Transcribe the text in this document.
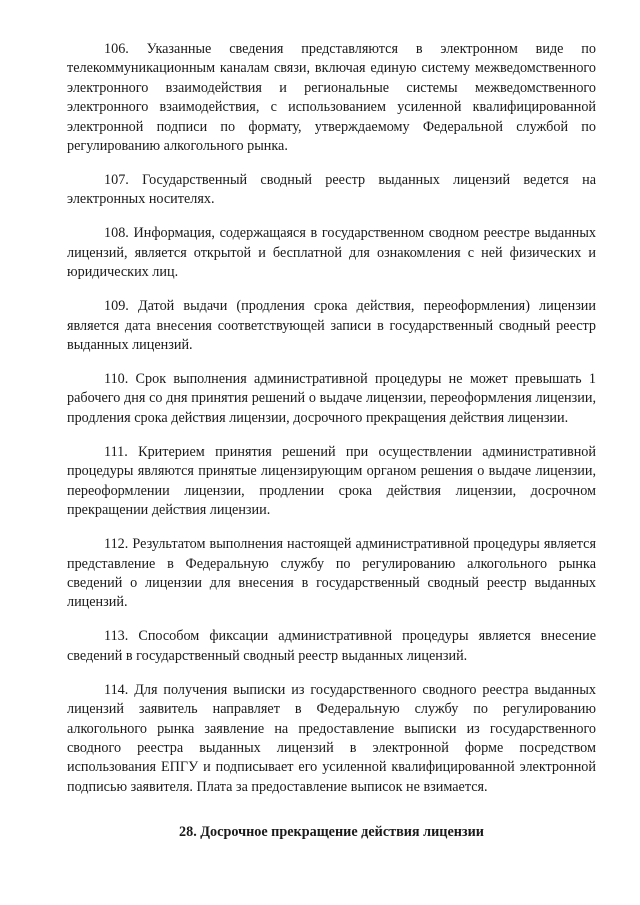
106. Указанные сведения представляются в электронном виде по телекоммуникационным каналам связи, включая единую систему межведомственного электронного взаимодействия и региональные системы межведомственного электронного взаимодействия, с использованием усиленной квалифицированной электронной подписи по формату, утверждаемому Федеральной службой по регулированию алкогольного рынка.

107. Государственный сводный реестр выданных лицензий ведется на электронных носителях.

108. Информация, содержащаяся в государственном сводном реестре выданных лицензий, является открытой и бесплатной для ознакомления с ней физических и юридических лиц.

109. Датой выдачи (продления срока действия, переоформления) лицензии является дата внесения соответствующей записи в государственный сводный реестр выданных лицензий.

110. Срок выполнения административной процедуры не может превышать 1 рабочего дня со дня принятия решений о выдаче лицензии, переоформления лицензии, продления срока действия лицензии, досрочного прекращения действия лицензии.

111. Критерием принятия решений при осуществлении административной процедуры являются принятые лицензирующим органом решения о выдаче лицензии, переоформлении лицензии, продлении срока действия лицензии, досрочном прекращении действия лицензии.

112. Результатом выполнения настоящей административной процедуры является представление в Федеральную службу по регулированию алкогольного рынка сведений о лицензии для внесения в государственный сводный реестр выданных лицензий.

113. Способом фиксации административной процедуры является внесение сведений в государственный сводный реестр выданных лицензий.

114. Для получения выписки из государственного сводного реестра выданных лицензий заявитель направляет в Федеральную службу по регулированию алкогольного рынка заявление на предоставление выписки из государственного сводного реестра выданных лицензий в электронной форме посредством использования ЕПГУ и подписывает его усиленной квалифицированной электронной подписью заявителя. Плата за предоставление выписок не взимается.

28. Досрочное прекращение действия лицензии
